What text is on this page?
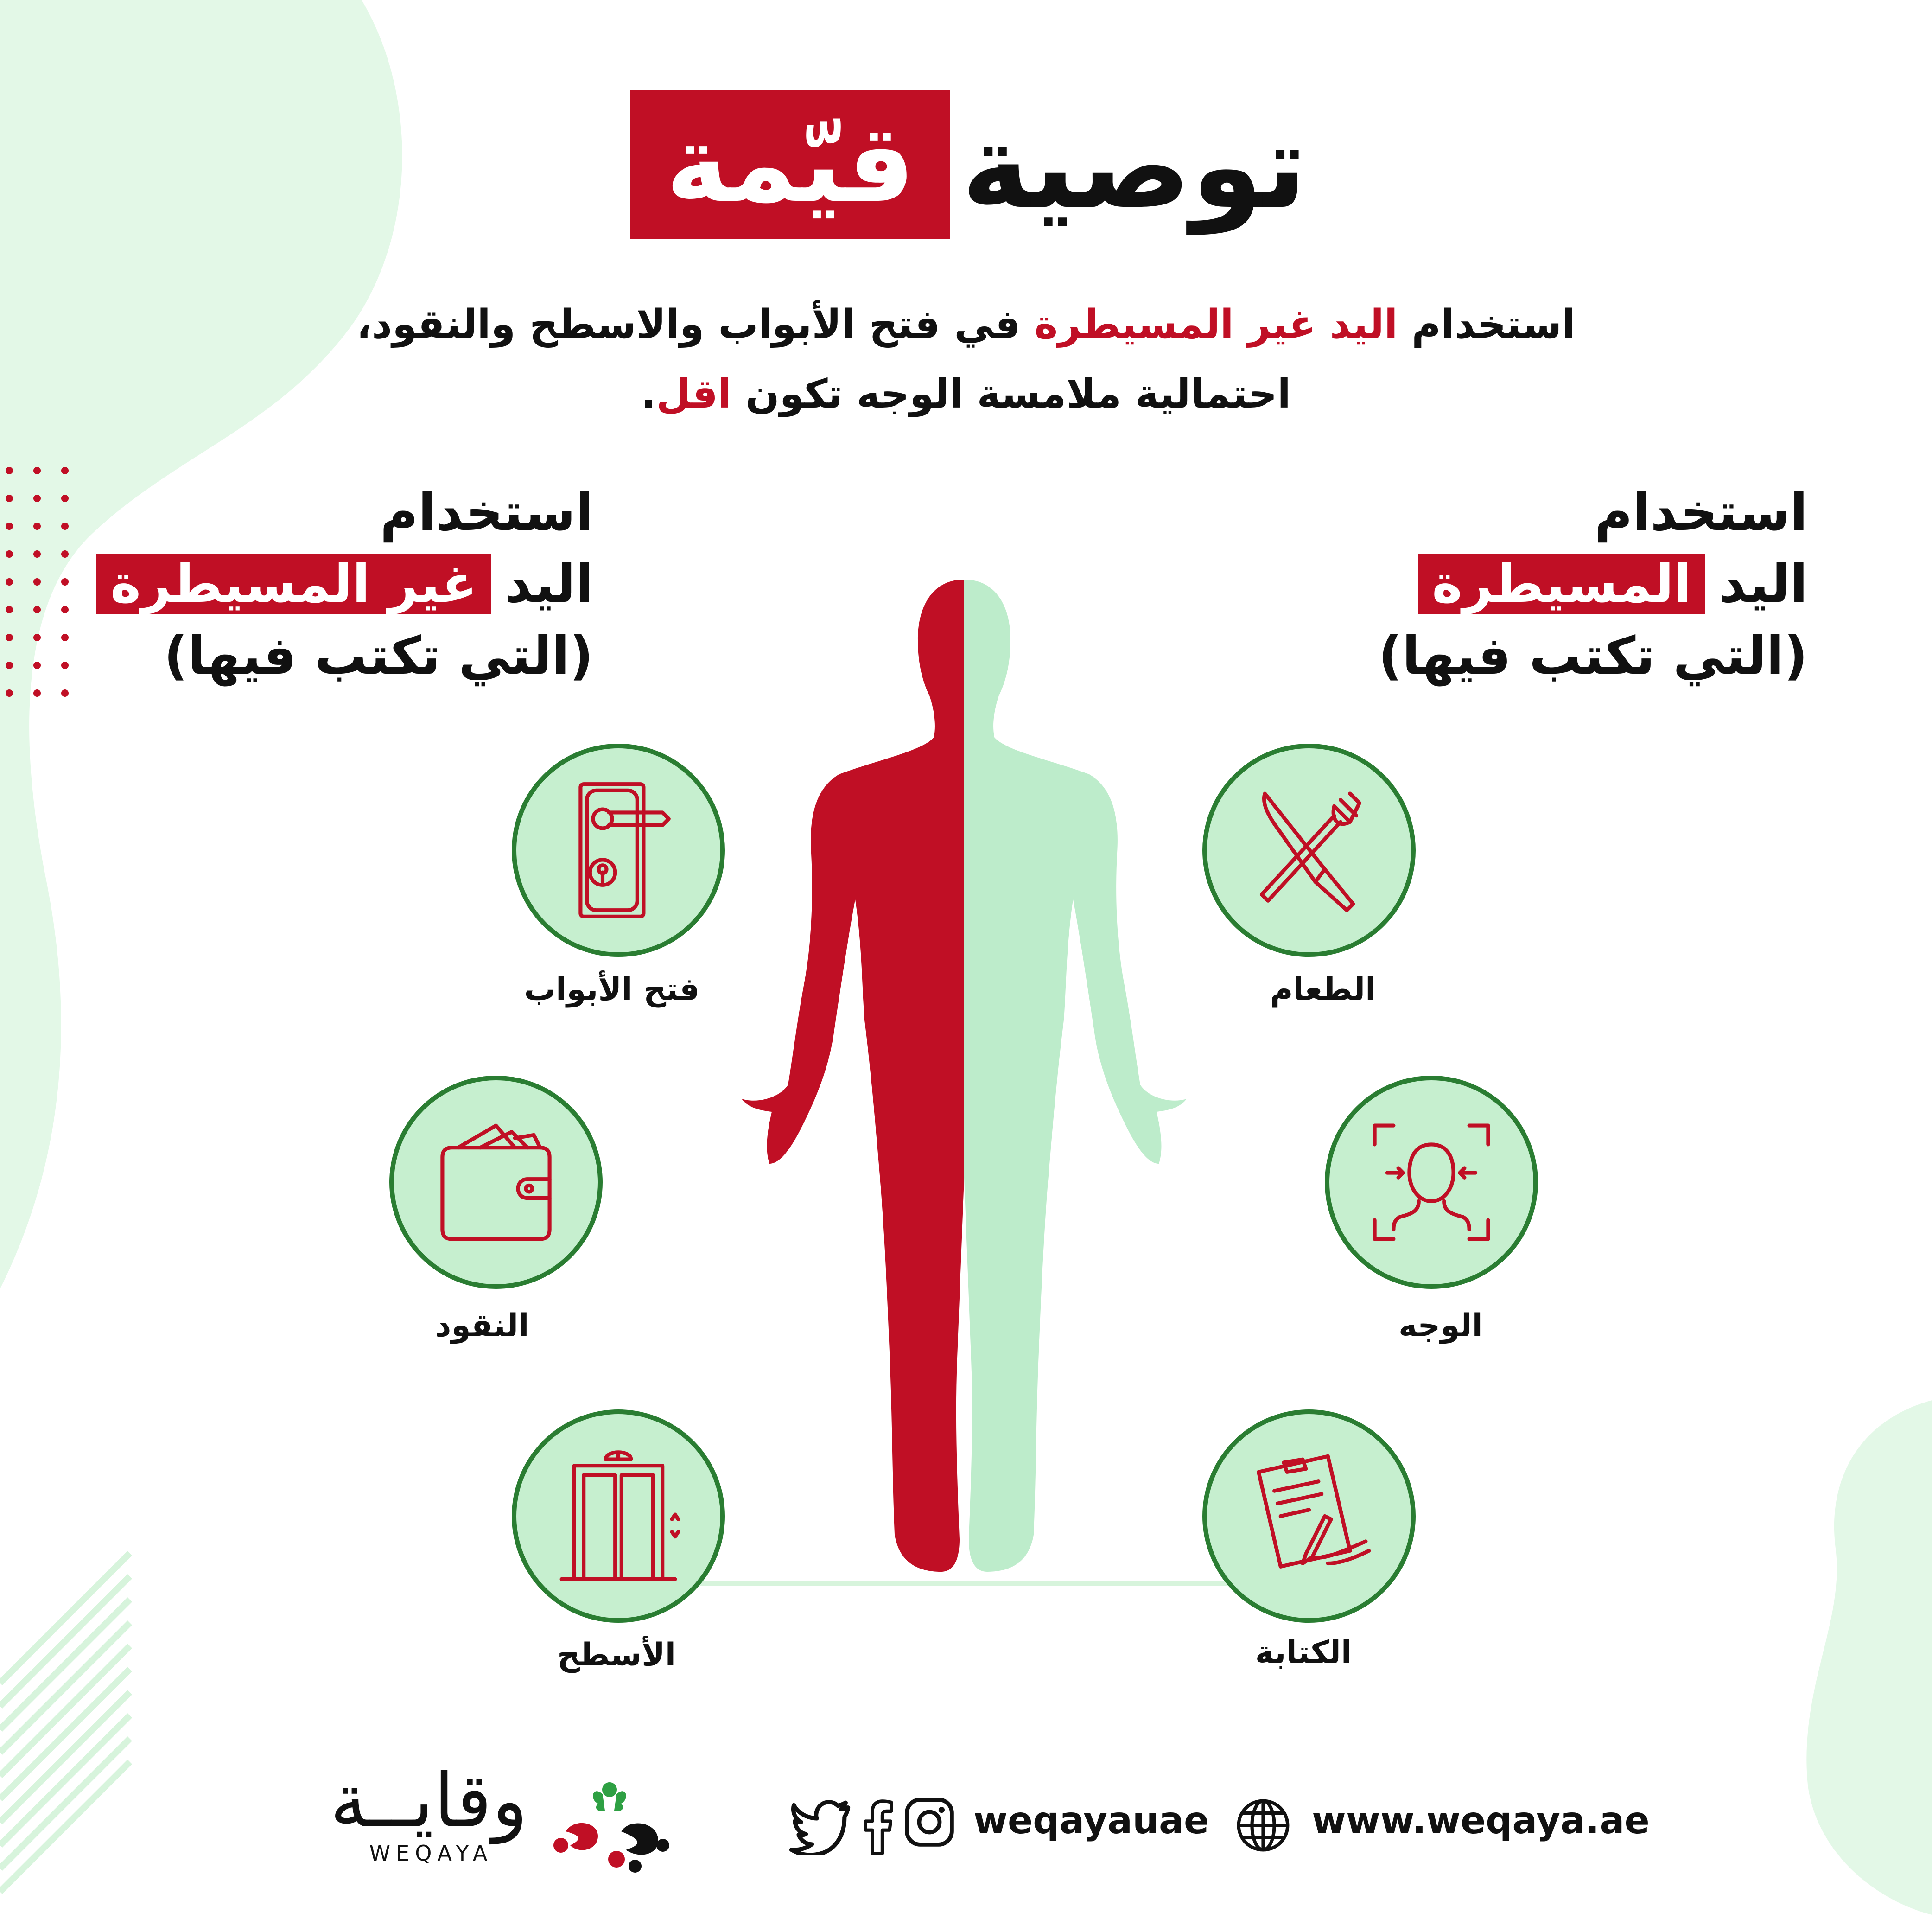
توصية
قيّمة
استخدام اليد غير المسيطرة في فتح الأبواب والاسطح والنقود،
احتمالية ملامسة الوجه تكون اقل.
استخدام
اليدالمسيطرة
(التي تكتب فيها)
استخدام
اليدغير المسيطرة
(التي تكتب فيها)
الطعام
الوجه
الكتابة
فتح الأبواب
النقود
الأسطح
وقايــة
WEQAYA
weqayauae	www.weqaya.ae
